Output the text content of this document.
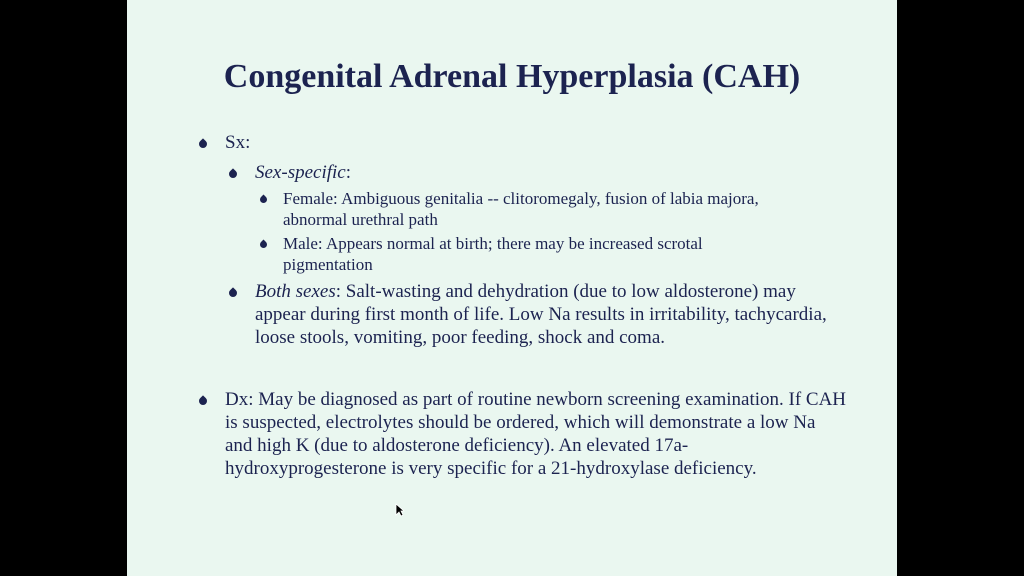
Congenital Adrenal Hyperplasia (CAH)
Sx:
Sex-specific:
Female: Ambiguous genitalia -- clitoromegaly, fusion of labia majora, abnormal urethral path
Male: Appears normal at birth; there may be increased scrotal pigmentation
Both sexes: Salt-wasting and dehydration (due to low aldosterone) may appear during first month of life. Low Na results in irritability, tachycardia, loose stools, vomiting, poor feeding, shock and coma.
Dx: May be diagnosed as part of routine newborn screening examination. If CAH is suspected, electrolytes should be ordered, which will demonstrate a low Na and high K (due to aldosterone deficiency). An elevated 17a-hydroxyprogesterone is very specific for a 21-hydroxylase deficiency.
